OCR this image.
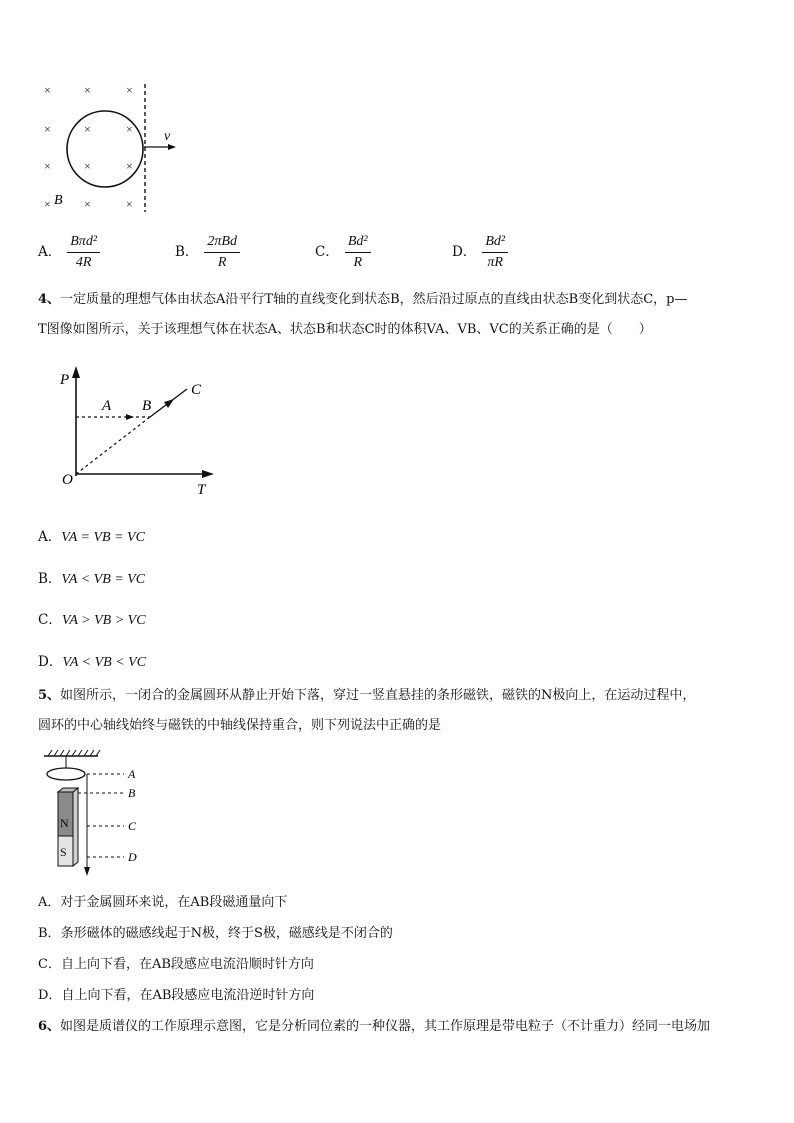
×	×	×
×	×	×
×	×	×
×	×	×
v
B
A． $\frac{\text{Bπd²}}{4R}$	B． $\frac{\text{2πBd}}{R}$	C． $\frac{\text{Bd²}}{R}$	D． $\frac{\text{Bd²}}{\pi R}$
4、一定质量的理想气体由状态A沿平行T轴的直线变化到状态B，然后沿过原点的直线由状态B变化到状态C，p—
T图像如图所示，关于该理想气体在状态A、状态B和状态C时的体积VA、VB、VC的关系正确的是（　　）
P
T
O
A B
C
A．VA = VB = VC
B．VA < VB = VC
C．VA > VB > VC
D．VA < VB < VC
5、如图所示，一闭合的金属圆环从静止开始下落，穿过一竖直悬挂的条形磁铁，磁铁的N极向上，在运动过程中，
圆环的中心轴线始终与磁铁的中轴线保持重合，则下列说法中正确的是
N
S
A
B
C
D
A．对于金属圆环来说，在AB段磁通量向下
B．条形磁体的磁感线起于N极，终于S极，磁感线是不闭合的
C．自上向下看，在AB段感应电流沿顺时针方向
D．自上向下看，在AB段感应电流沿逆时针方向
6、如图是质谱仪的工作原理示意图，它是分析同位素的一种仪器，其工作原理是带电粒子（不计重力）经同一电场加
